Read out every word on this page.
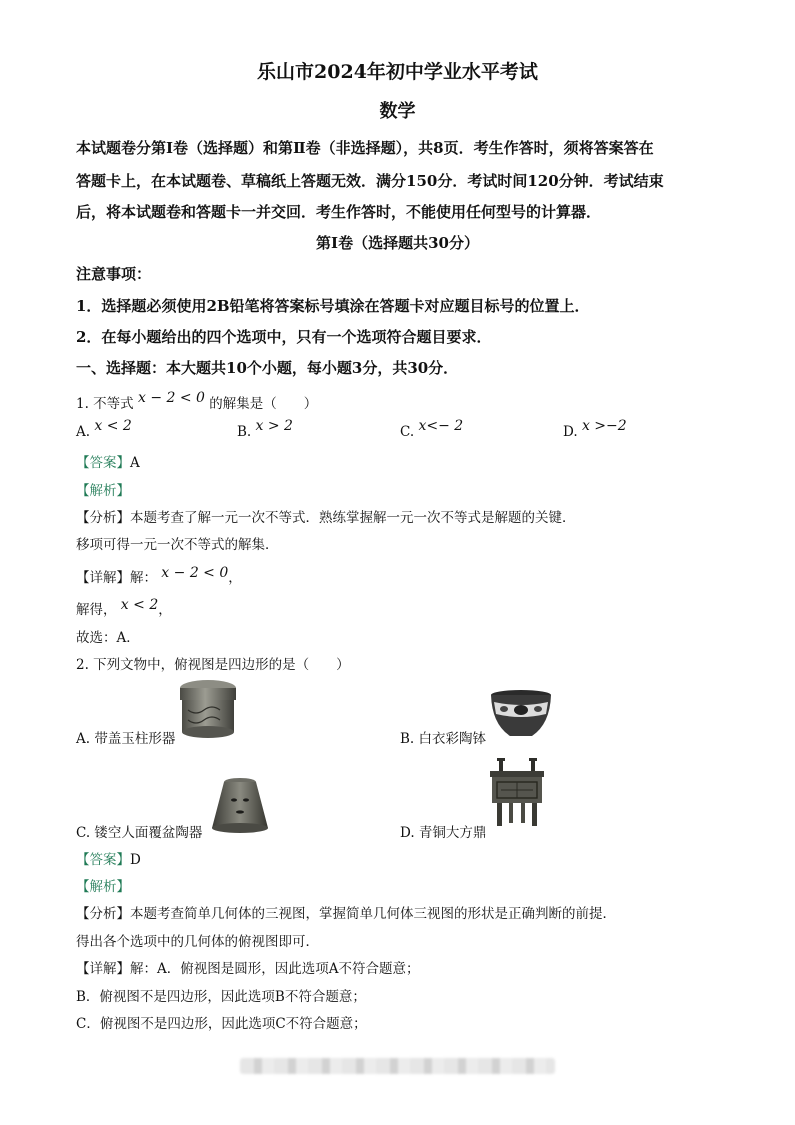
乐山市2024年初中学业水平考试
数学
本试题卷分第Ⅰ卷（选择题）和第Ⅱ卷（非选择题），共8页．考生作答时，须将答案答在
答题卡上，在本试题卷、草稿纸上答题无效．满分150分．考试时间120分钟．考试结束
后，将本试题卷和答题卡一并交回．考生作答时，不能使用任何型号的计算器．
第Ⅰ卷（选择题共30分）
注意事项：
1．选择题必须使用2B铅笔将答案标号填涂在答题卡对应题目标号的位置上．
2．在每小题给出的四个选项中，只有一个选项符合题目要求．
一、选择题：本大题共10个小题，每小题3分，共30分．
1. 不等式 x − 2 < 0 的解集是（　　）
A. x < 2	B. x > 2	C. x<− 2	D. x >−2
【答案】A
【解析】
【分析】本题考查了解一元一次不等式．熟练掌握解一元一次不等式是解题的关键．
移项可得一元一次不等式的解集．
【详解】解： x − 2 < 0，
解得， x < 2，
故选：A．
2. 下列文物中，俯视图是四边形的是（　　）
A. 带盖玉柱形器	B. 白衣彩陶钵
C. 镂空人面覆盆陶器	D. 青铜大方鼎
【答案】D
【解析】
【分析】本题考查简单几何体的三视图，掌握简单几何体三视图的形状是正确判断的前提．
得出各个选项中的几何体的俯视图即可．
【详解】解：A．俯视图是圆形，因此选项A不符合题意；
B．俯视图不是四边形，因此选项B不符合题意；
C．俯视图不是四边形，因此选项C不符合题意；
